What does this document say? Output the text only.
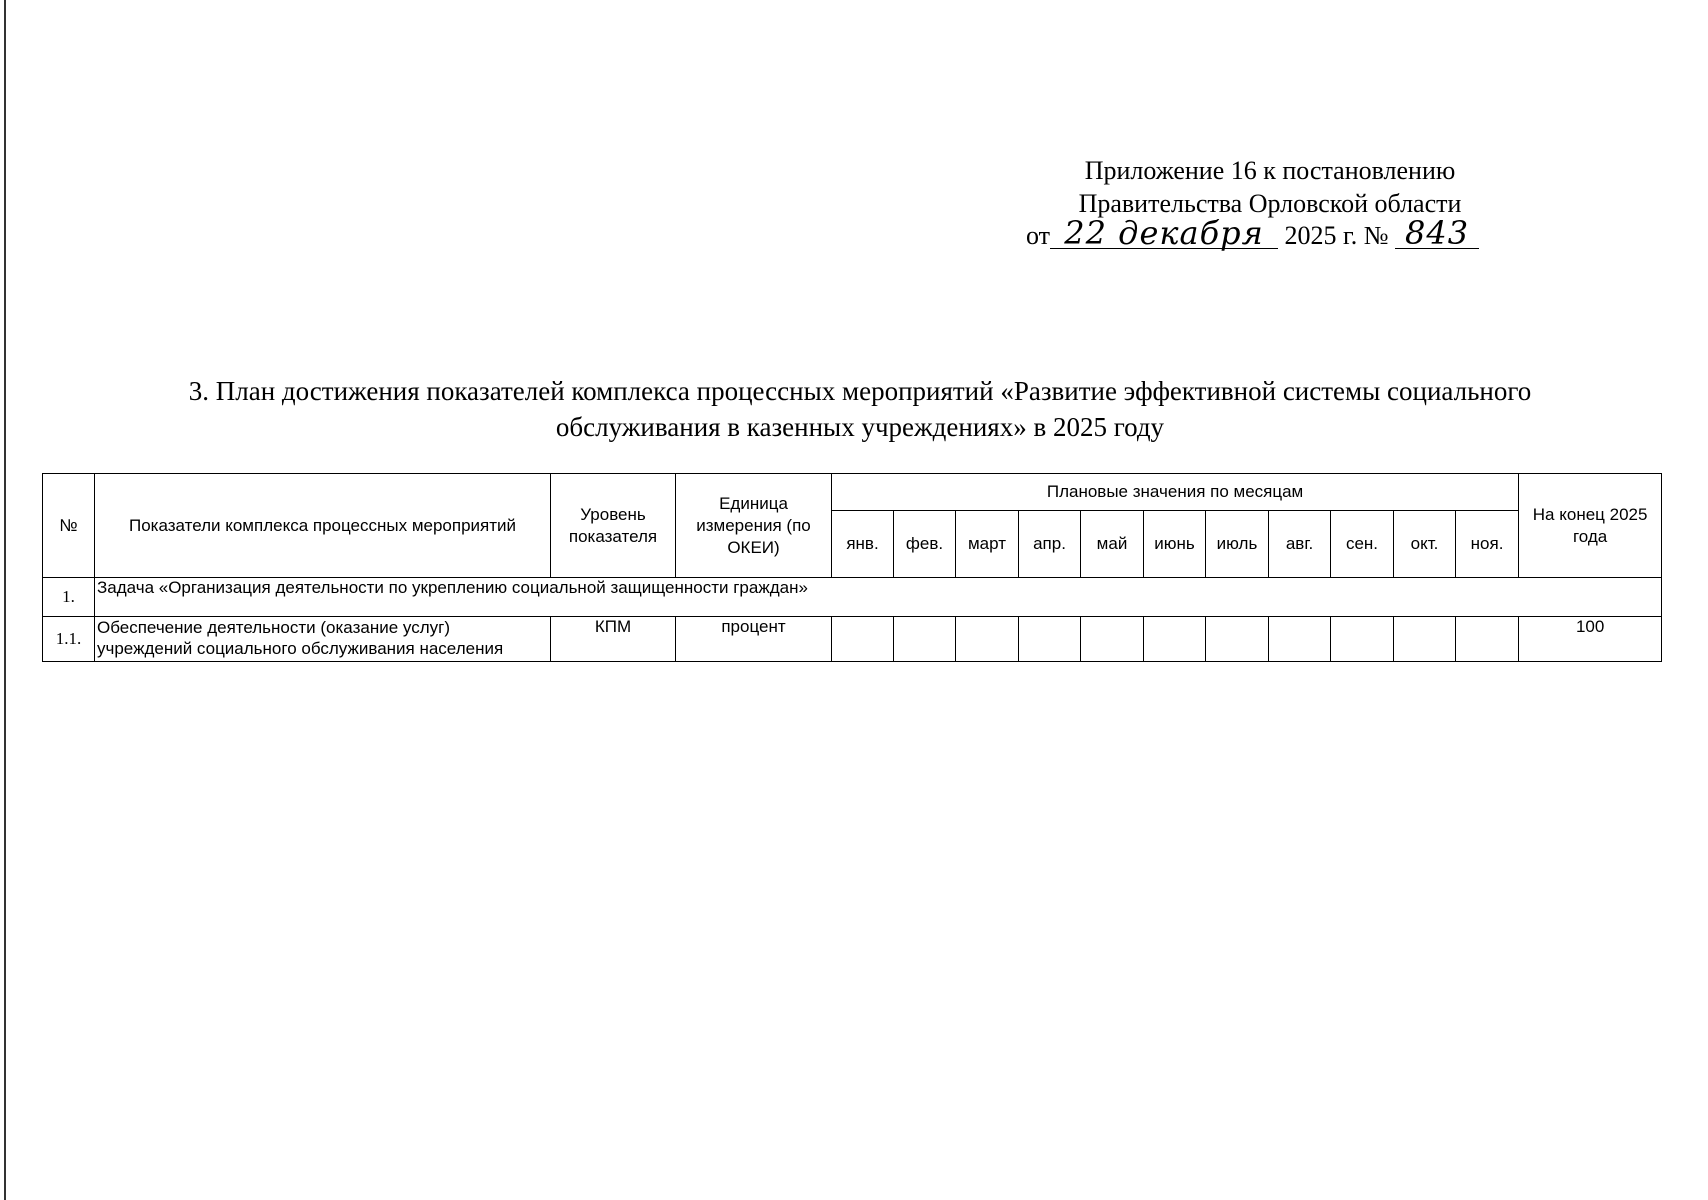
Приложение 16 к постановлению
Правительства Орловской области
от 22 декабря 2025 г. № 843
3. План достижения показателей комплекса процессных мероприятий «Развитие эффективной системы социального
обслуживания в казенных учреждениях» в 2025 году
№	Показатели комплекса процессных мероприятий	Уровень показателя	Единица измерения (по ОКЕИ)	Плановые значения по месяцам											На конец 2025 года
				янв.	фев.	март	апр.	май	июнь	июль	авг.	сен.	окт.	ноя.	
1.	Задача «Организация деятельности по укреплению социальной защищенности граждан»														
1.1.	Обеспечение деятельности (оказание услуг) учреждений социального обслуживания населения	КПМ	процент												100
